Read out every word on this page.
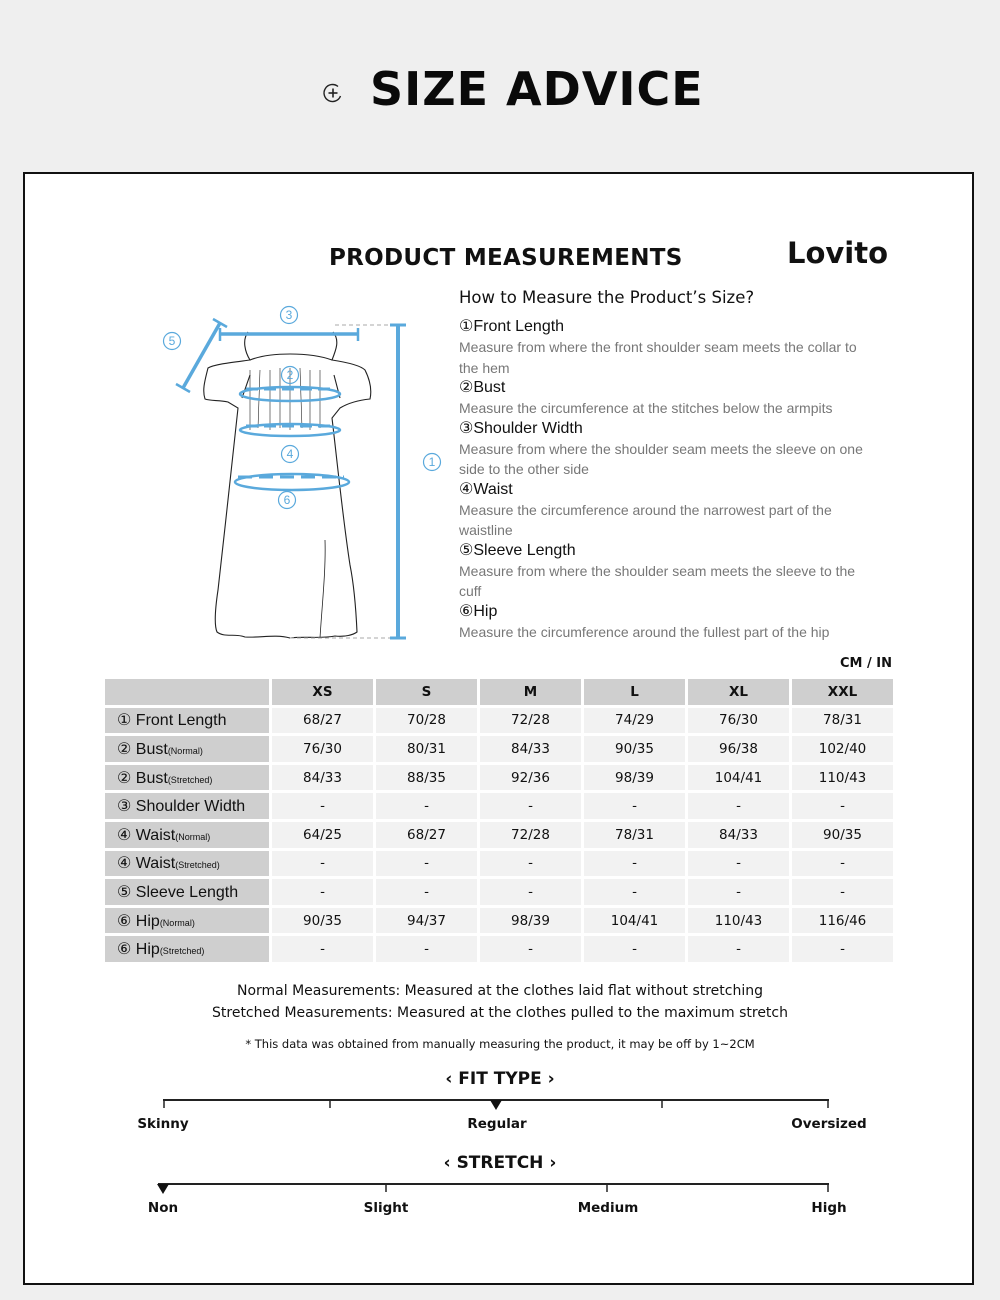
SIZE ADVICE
PRODUCT MEASUREMENTS	Lovito
5
3
2
4
6
1
How to Measure the Product’s Size?
①Front Length
Measure from where the front shoulder seam meets the collar to the hem
②Bust
Measure the circumference at the stitches below the armpits
③Shoulder Width
Measure from where the shoulder seam meets the sleeve on one side to the other side
④Waist
Measure the circumference around the narrowest part of the waistline
⑤Sleeve Length
Measure from where the shoulder seam meets the sleeve to the cuff
⑥Hip
Measure the circumference around the fullest part of the hip
CM / IN
	XS	S	M	L	XL	XXL
① Front Length	68/27	70/28	72/28	74/29	76/30	78/31
② Bust(Normal)	76/30	80/31	84/33	90/35	96/38	102/40
② Bust(Stretched)	84/33	88/35	92/36	98/39	104/41	110/43
③ Shoulder Width	-	-	-	-	-	-
④ Waist(Normal)	64/25	68/27	72/28	78/31	84/33	90/35
④ Waist(Stretched)	-	-	-	-	-	-
⑤ Sleeve Length	-	-	-	-	-	-
⑥ Hip(Normal)	90/35	94/37	98/39	104/41	110/43	116/46
⑥ Hip(Stretched)	-	-	-	-	-	-
Normal Measurements: Measured at the clothes laid flat without stretching
Stretched Measurements: Measured at the clothes pulled to the maximum stretch
* This data was obtained from manually measuring the product, it may be off by 1~2CM
‹ FIT TYPE ›
Skinny	Regular	Oversized
‹ STRETCH ›
Non	Slight	Medium	High
